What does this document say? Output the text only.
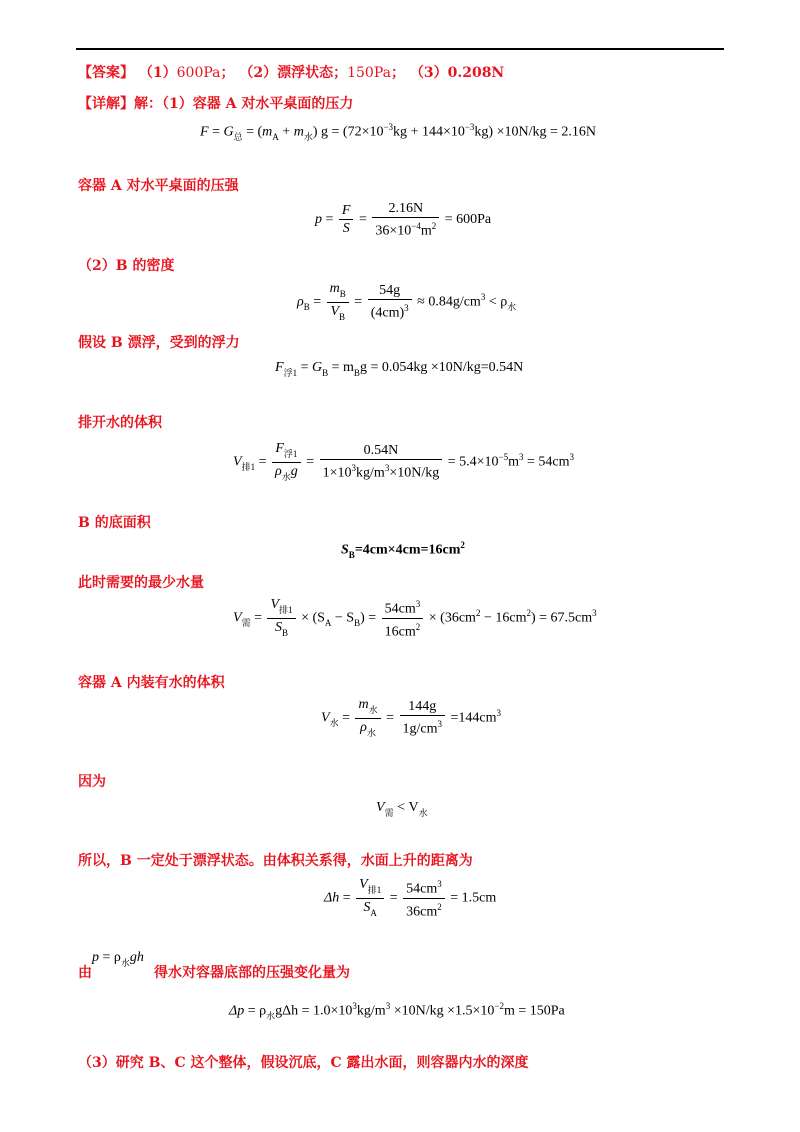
【答案】 （1）600Pa； （2）漂浮状态；150Pa； （3）0.208N
【详解】解：（1）容器 A 对水平桌面的压力
$F = G_总 = (m_A + m_水) g = (72\times 10^{-3}kg + 144\times 10^{-3}kg) \times 10N/kg = 2.16N$
容器 A 对水平桌面的压强
$p = \frac{F}{S} = \frac{2.16N}{36\times 10^{-4}m^2} = 600Pa$
（2）B 的密度
$\rho_B = \frac{m_B}{V_B} = \frac{54g}{(4cm)^3} \approx 0.84g/cm^3 < \rho_水$
假设 B 漂浮，受到的浮力
$F_{浮1} = G_B = m_Bg = 0.054kg \times 10N/kg=0.54N$
排开水的体积
$V_{排1} = \frac{F_{浮1}}{\rho_水g} = \frac{0.54N}{1\times 10^3kg/m^3\times 10N/kg} = 5.4\times 10^{-5}m^3 = 54cm^3$
B 的底面积
$S_B=4cm\times 4cm=16cm^2$
此时需要的最少水量
$V_需 = \frac{V_{排1}}{S_B} \times (S_A - S_B) = \frac{54cm^3}{16cm^2} \times (36cm^2 - 16cm^2) = 67.5cm^3$
容器 A 内装有水的体积
$V_水 = \frac{m_水}{\rho_水} = \frac{144g}{1g/cm^3} =144cm^3$
因为
$V_需 < V_水$
所以，B 一定处于漂浮状态。由体积关系得，水面上升的距离为
$\Delta h = \frac{V_{排1}}{S_A} = \frac{54cm^3}{36cm^2} = 1.5cm$
$p = \rho_水gh$
由	得水对容器底部的压强变化量为
$\Delta p = \rho_水g\Delta h = 1.0\times 10^3kg/m^3 \times 10N/kg \times 1.5\times 10^{-2}m = 150Pa$
（3）研究 B、C 这个整体，假设沉底，C 露出水面，则容器内水的深度
